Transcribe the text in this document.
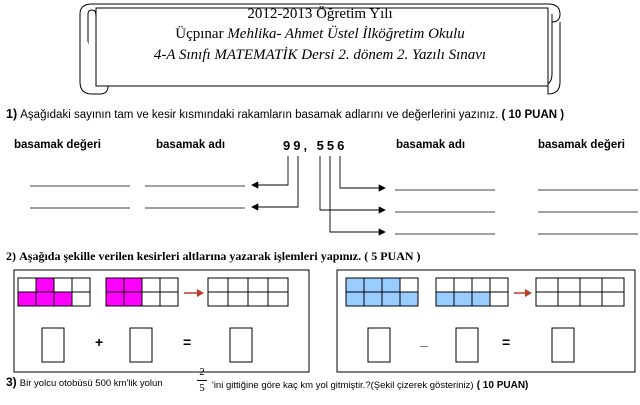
2012-2013 Öğretim Yılı
Üçpınar Mehlika- Ahmet Üstel İlköğretim Okulu
4-A Sınıfı MATEMATİK Dersi 2. dönem 2. Yazılı Sınavı
1) Aşağıdaki sayının tam ve kesir kısmındaki rakamların basamak adlarını ve değerlerini yazınız. ( 10 PUAN )
basamak değeri	basamak adı	99, 556	basamak adı	basamak değeri
2) Aşağıda şekille verilen kesirleri altlarına yazarak işlemleri yapınız. ( 5 PUAN )
+	=	_	=
3) Bir yolcu otobüsü 500 km'lik yolun
2
5 'ini gittiğine göre kaç km yol gitmiştir.?(Şekil çizerek gösteriniz) ( 10 PUAN)
